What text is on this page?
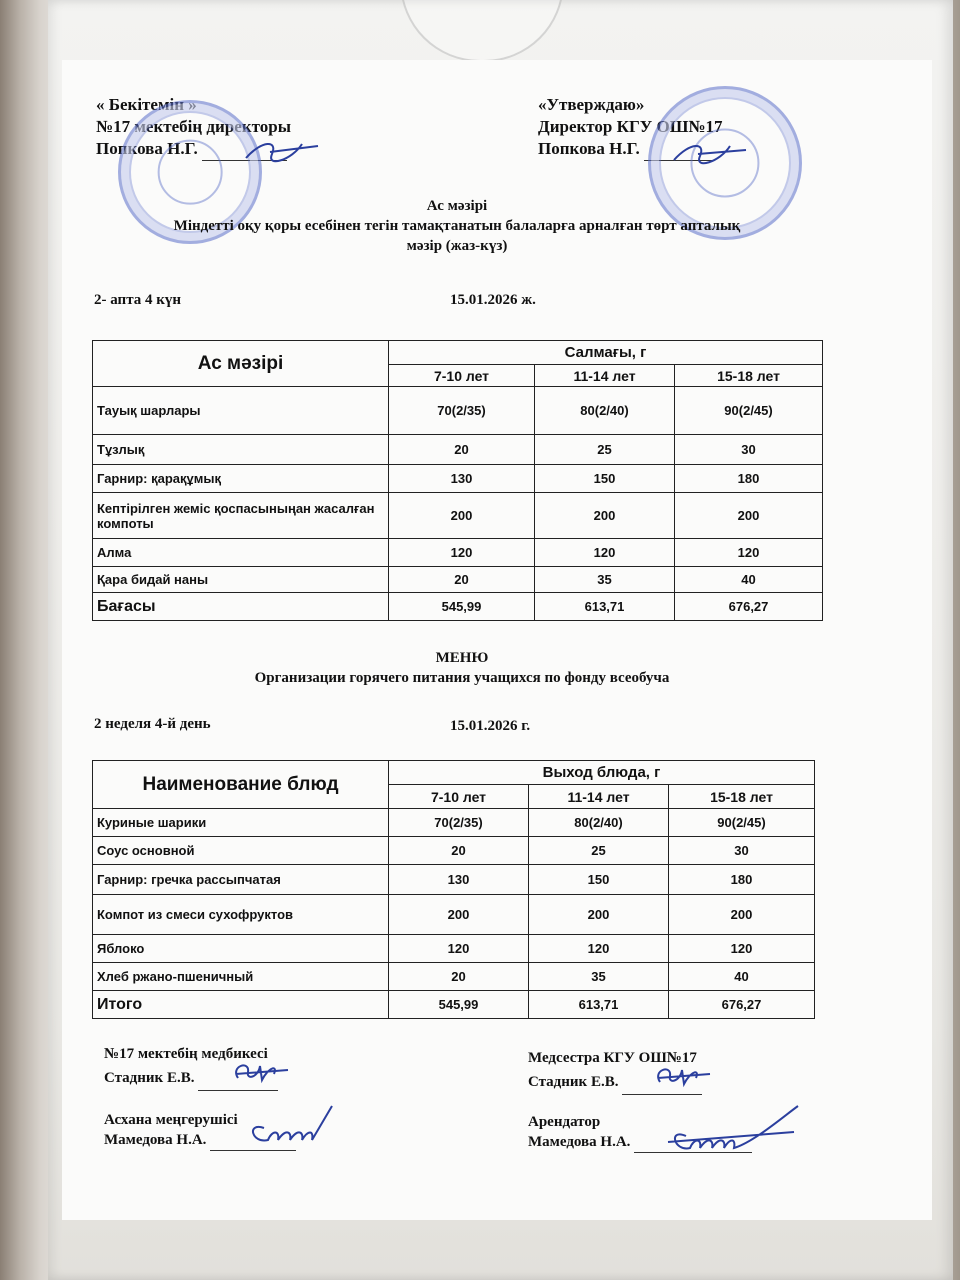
« Бекітемін »
№17 мектебің директоры
Попкова Н.Г.
«Утверждаю»
Директор КГУ ОШ№17
Попкова Н.Г.
Ас мәзірі
Міндетті оқу қоры есебінен тегін тамақтанатын балаларға арналған төрт апталық
мәзір (жаз-күз)
2- апта 4 күн	15.01.2026 ж.
Ас мәзірі	Салмағы, г		
	7-10 лет	11-14 лет	15-18 лет
Тауық шарлары	70(2/35)	80(2/40)	90(2/45)
Тұзлық	20	25	30
Гарнир: қарақұмық	130	150	180
Кептірілген жеміс қоспасыныңан жасалған компоты	200	200	200
Алма	120	120	120
Қара бидай наны	20	35	40
Бағасы	545,99	613,71	676,27
МЕНЮ
Организации горячего питания учащихся по фонду всеобуча
2 неделя 4-й день	15.01.2026 г.
Наименование блюд	Выход блюда, г		
	7-10 лет	11-14 лет	15-18 лет
Куриные шарики	70(2/35)	80(2/40)	90(2/45)
Соус основной	20	25	30
Гарнир: гречка рассыпчатая	130	150	180
Компот из смеси сухофруктов	200	200	200
Яблоко	120	120	120
Хлеб ржано-пшеничный	20	35	40
Итого	545,99	613,71	676,27
№17 мектебің медбикесі
Стадник Е.В.
Медсестра КГУ ОШ№17
Стадник Е.В.
Асхана меңгерушісі
Мамедова Н.А.
Арендатор
Мамедова Н.А.
